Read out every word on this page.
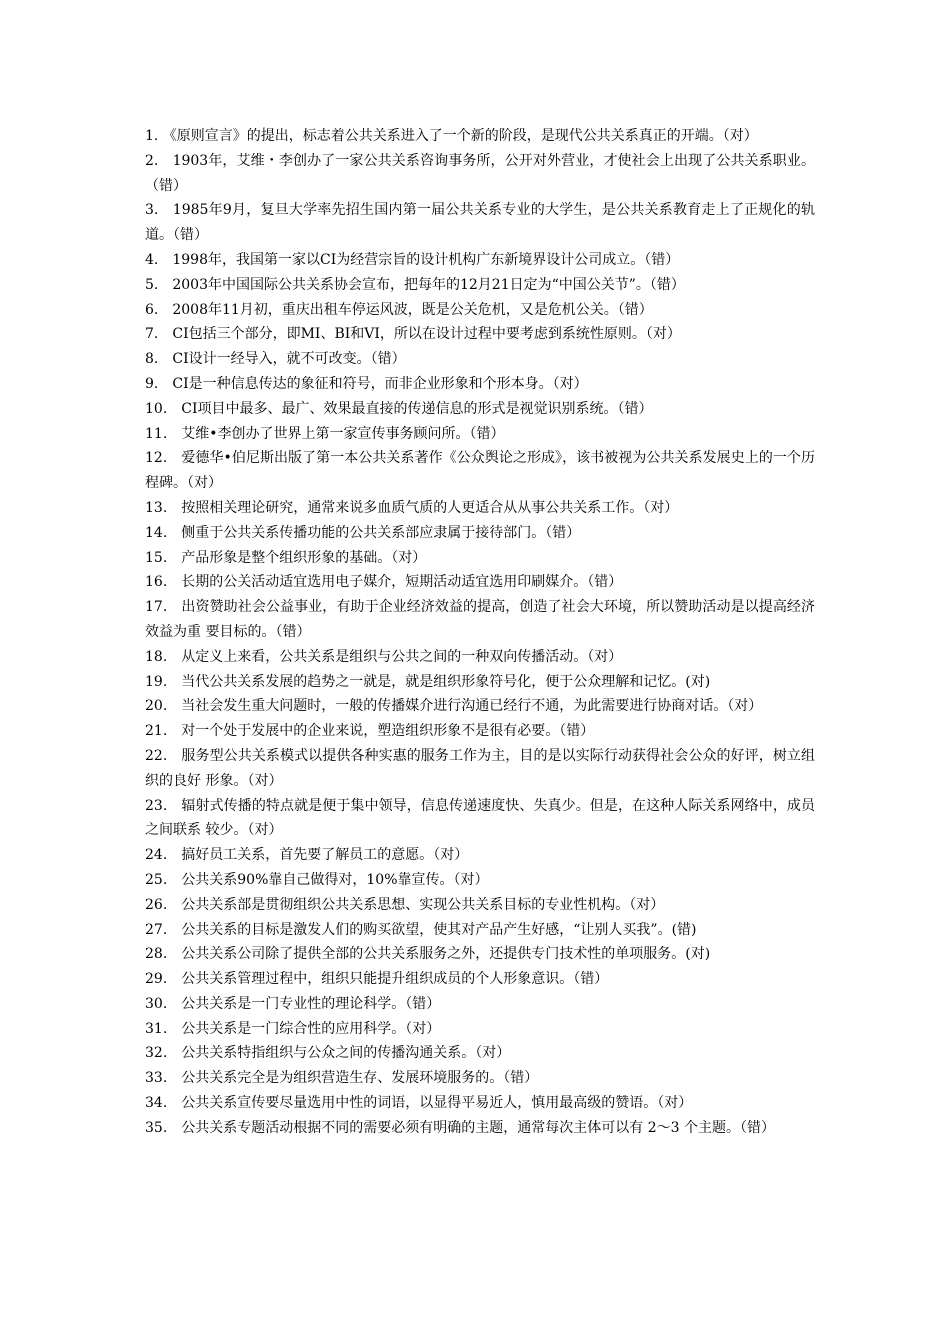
1. 《原则宣言》的提出，标志着公共关系进入了一个新的阶段，是现代公共关系真正的开端。（对）
2.　1903年，艾维・李创办了一家公共关系咨询事务所，公开对外营业，才使社会上出现了公共关系职业。（错）
3.　1985年9月，复旦大学率先招生国内第一届公共关系专业的大学生，是公共关系教育走上了正规化的轨道。（错）
4.　1998年，我国第一家以CI为经营宗旨的设计机构广东新境界设计公司成立。（错）
5.　2003年中国国际公共关系协会宣布，把每年的12月21日定为“中国公关节”。（错）
6.　2008年11月初，重庆出租车停运风波，既是公关危机，又是危机公关。（错）
7.　CI包括三个部分，即MI、BI和VI，所以在设计过程中要考虑到系统性原则。（对）
8.　CI设计一经导入，就不可改变。（错）
9.　CI是一种信息传达的象征和符号，而非企业形象和个形本身。（对）
10.　CI项目中最多、最广、效果最直接的传递信息的形式是视觉识别系统。（错）
11.　艾维•李创办了世界上第一家宣传事务顾问所。（错）
12.　爱德华•伯尼斯出版了第一本公共关系著作《公众舆论之形成》，该书被视为公共关系发展史上的一个历程碑。（对）
13.　按照相关理论研究，通常来说多血质气质的人更适合从从事公共关系工作。（对）
14.　侧重于公共关系传播功能的公共关系部应隶属于接待部门。（错）
15.　产品形象是整个组织形象的基础。（对）
16.　长期的公关活动适宜选用电子媒介，短期活动适宜选用印刷媒介。（错）
17.　出资赞助社会公益事业，有助于企业经济效益的提高，创造了社会大环境，所以赞助活动是以提高经济效益为重 要目标的。（错）
18.　从定义上来看，公共关系是组织与公共之间的一种双向传播活动。（对）
19.　当代公共关系发展的趋势之一就是，就是组织形象符号化，便于公众理解和记忆。(对)
20.　当社会发生重大问题时，一般的传播媒介进行沟通已经行不通，为此需要进行协商对话。（对）
21.　对一个处于发展中的企业来说，塑造组织形象不是很有必要。（错）
22.　服务型公共关系模式以提供各种实惠的服务工作为主，目的是以实际行动获得社会公众的好评，树立组织的良好 形象。（对）
23.　辐射式传播的特点就是便于集中领导，信息传递速度快、失真少。但是，在这种人际关系网络中，成员之间联系 较少。（对）
24.　搞好员工关系，首先要了解员工的意愿。（对）
25.　公共关系90%靠自己做得对，10%靠宣传。（对）
26.　公共关系部是贯彻组织公共关系思想、实现公共关系目标的专业性机构。（对）
27.　公共关系的目标是激发人们的购买欲望，使其对产品产生好感，“让别人买我”。(错)
28.　公共关系公司除了提供全部的公共关系服务之外，还提供专门技术性的单项服务。(对)
29.　公共关系管理过程中，组织只能提升组织成员的个人形象意识。（错）
30.　公共关系是一门专业性的理论科学。（错）
31.　公共关系是一门综合性的应用科学。（对）
32.　公共关系特指组织与公众之间的传播沟通关系。（对）
33.　公共关系完全是为组织营造生存、发展环境服务的。（错）
34.　公共关系宣传要尽量选用中性的词语，以显得平易近人，慎用最高级的赞语。（对）
35.　公共关系专题活动根据不同的需要必须有明确的主题，通常每次主体可以有 2～3 个主题。（错）
